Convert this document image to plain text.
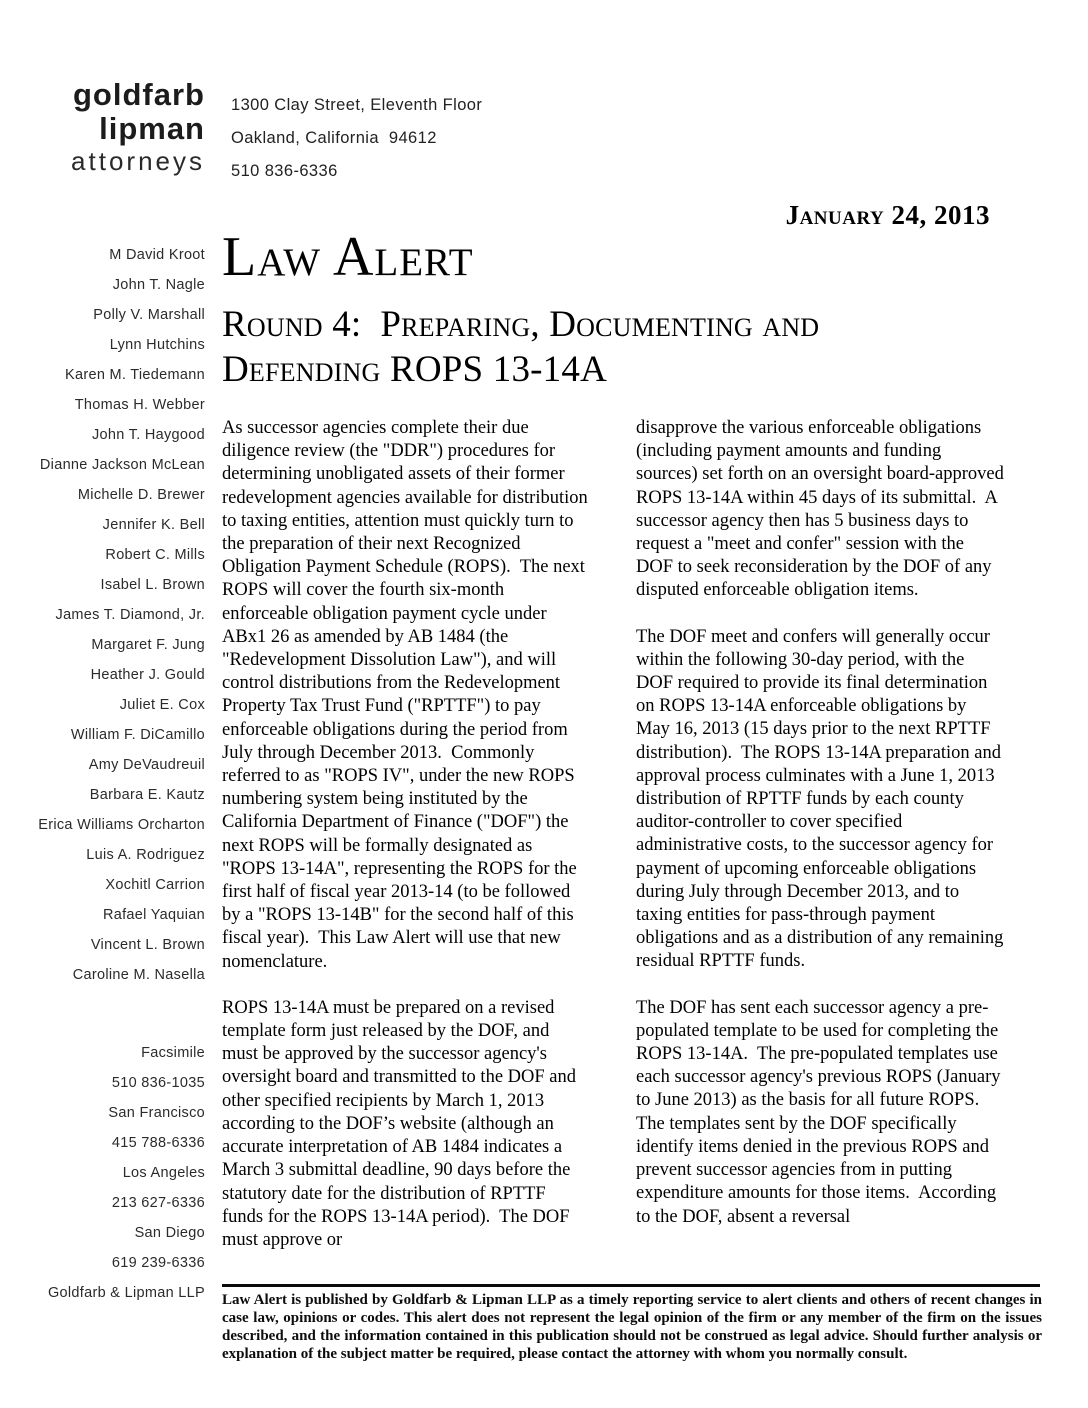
goldfarb
lipman
attorneys
1300 Clay Street, Eleventh Floor
Oakland, California  94612
510 836-6336
January 24, 2013
Law Alert
Round 4:  Preparing, Documenting and Defending ROPS 13-14A
M David Kroot
John T. Nagle
Polly V. Marshall
Lynn Hutchins
Karen M. Tiedemann
Thomas H. Webber
John T. Haygood
Dianne Jackson McLean
Michelle D. Brewer
Jennifer K. Bell
Robert C. Mills
Isabel L. Brown
James T. Diamond, Jr.
Margaret F. Jung
Heather J. Gould
Juliet E. Cox
William F. DiCamillo
Amy DeVaudreuil
Barbara E. Kautz
Erica Williams Orcharton
Luis A. Rodriguez
Xochitl Carrion
Rafael Yaquian
Vincent L. Brown
Caroline M. Nasella
Facsimile
510 836-1035
San Francisco
415 788-6336
Los Angeles
213 627-6336
San Diego
619 239-6336
Goldfarb & Lipman LLP

As successor agencies complete their due diligence review (the "DDR") procedures for determining unobligated assets of their former redevelopment agencies available for distribution to taxing entities, attention must quickly turn to the preparation of their next Recognized Obligation Payment Schedule (ROPS).  The next ROPS will cover the fourth six-month enforceable obligation payment cycle under ABx1 26 as amended by AB 1484 (the "Redevelopment Dissolution Law"), and will control distributions from the Redevelopment Property Tax Trust Fund ("RPTTF") to pay enforceable obligations during the period from July through December 2013.  Commonly referred to as "ROPS IV", under the new ROPS numbering system being instituted by the California Department of Finance ("DOF") the next ROPS will be formally designated as "ROPS 13-14A", representing the ROPS for the first half of fiscal year 2013-14 (to be followed by a "ROPS 13-14B" for the second half of this fiscal year).  This Law Alert will use that new nomenclature.

ROPS 13-14A must be prepared on a revised template form just released by the DOF, and must be approved by the successor agency's oversight board and transmitted to the DOF and other specified recipients by March 1, 2013 according to the DOF’s website (although an accurate interpretation of AB 1484 indicates a March 3 submittal deadline, 90 days before the statutory date for the distribution of RPTTF funds for the ROPS 13-14A period).  The DOF must approve or

disapprove the various enforceable obligations (including payment amounts and funding sources) set forth on an oversight board-approved ROPS 13-14A within 45 days of its submittal.  A successor agency then has 5 business days to request a "meet and confer" session with the DOF to seek reconsideration by the DOF of any disputed enforceable obligation items.

The DOF meet and confers will generally occur within the following 30-day period, with the DOF required to provide its final determination on ROPS 13-14A enforceable obligations by May 16, 2013 (15 days prior to the next RPTTF distribution).  The ROPS 13-14A preparation and approval process culminates with a June 1, 2013 distribution of RPTTF funds by each county auditor-controller to cover specified administrative costs, to the successor agency for payment of upcoming enforceable obligations during July through December 2013, and to taxing entities for pass-through payment obligations and as a distribution of any remaining residual RPTTF funds.

The DOF has sent each successor agency a pre-populated template to be used for completing the ROPS 13-14A.  The pre-populated templates use each successor agency's previous ROPS (January to June 2013) as the basis for all future ROPS.  The templates sent by the DOF specifically identify items denied in the previous ROPS and prevent successor agencies from in putting expenditure amounts for those items.  According to the DOF, absent a reversal

Law Alert is published by Goldfarb & Lipman LLP as a timely reporting service to alert clients and others of recent changes in case law, opinions or codes. This alert does not represent the legal opinion of the firm or any member of the firm on the issues described, and the information contained in this publication should not be construed as legal advice. Should further analysis or explanation of the subject matter be required, please contact the attorney with whom you normally consult.
